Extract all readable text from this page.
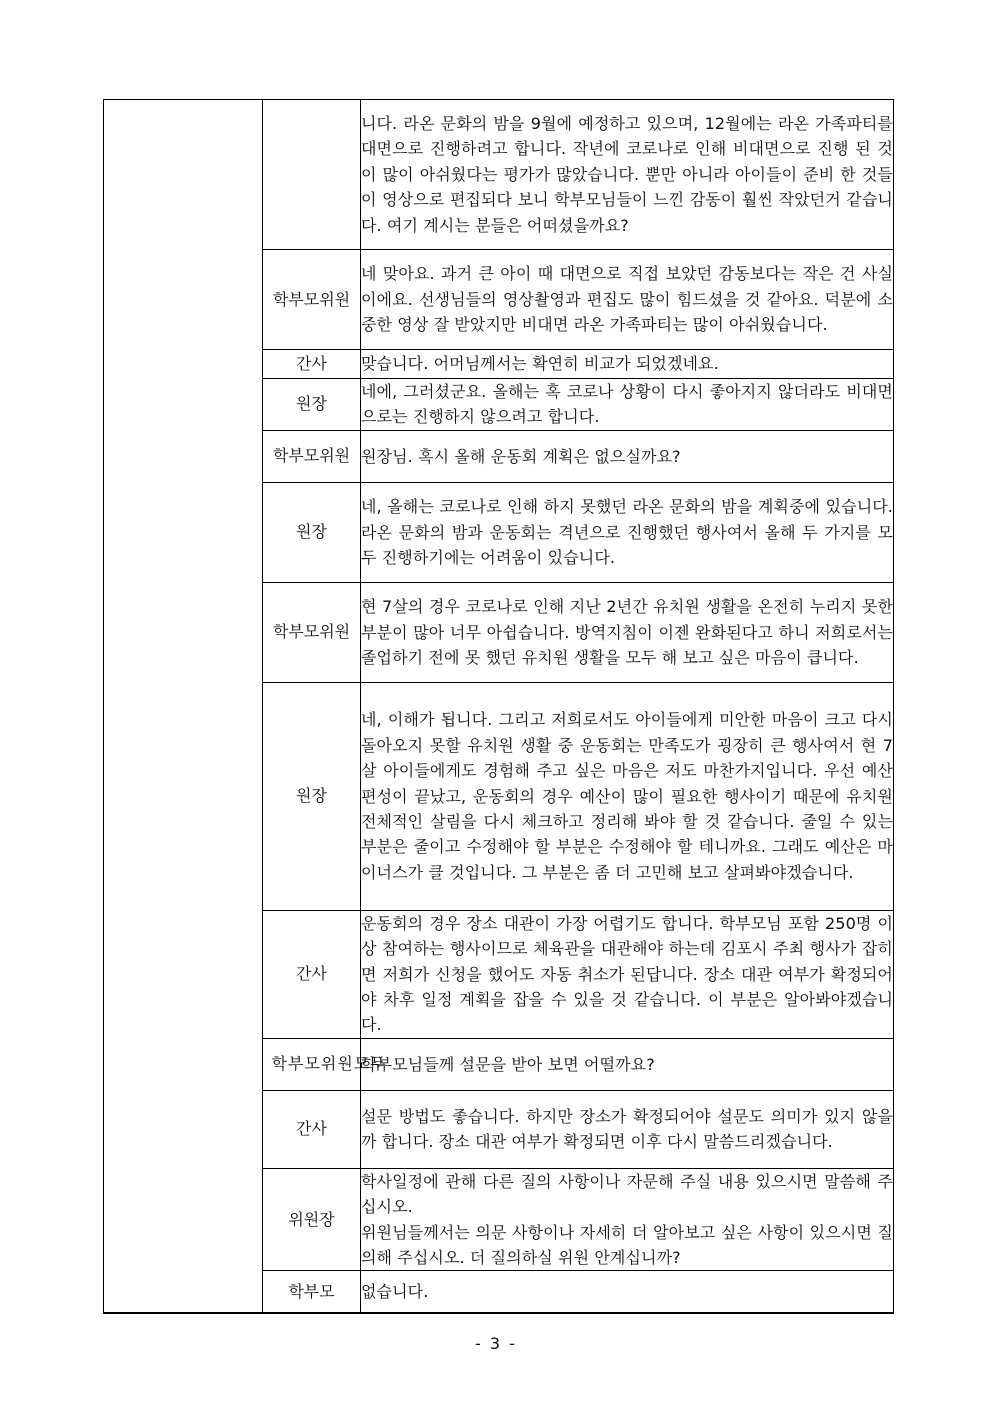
		니다. 라온 문화의 밤을 9월에 예정하고 있으며, 12월에는 라온 가족파티를 대면으로 진행하려고 합니다. 작년에 코로나로 인해 비대면으로 진행 된 것이 많이 아쉬웠다는 평가가 많았습니다. 뿐만 아니라 아이들이 준비 한 것들이 영상으로 편집되다 보니 학부모님들이 느낀 감동이 훨씬 작았던거 같습니다. 여기 계시는 분들은 어떠셨을까요?
	학부모위원	네 맞아요. 과거 큰 아이 때 대면으로 직접 보았던 감동보다는 작은 건 사실이에요. 선생님들의 영상촬영과 편집도 많이 힘드셨을 것 같아요. 덕분에 소중한 영상 잘 받았지만 비대면 라온 가족파티는 많이 아쉬웠습니다.
	간사	맞습니다. 어머님께서는 확연히 비교가 되었겠네요.
	원장	네에, 그러셨군요. 올해는 혹 코로나 상황이 다시 좋아지지 않더라도 비대면으로는 진행하지 않으려고 합니다.
	학부모위원	원장님. 혹시 올해 운동회 계획은 없으실까요?
	원장	네, 올해는 코로나로 인해 하지 못했던 라온 문화의 밤을 계획중에 있습니다. 라온 문화의 밤과 운동회는 격년으로 진행했던 행사여서 올해 두 가지를 모두 진행하기에는 어려움이 있습니다.
	학부모위원	현 7살의 경우 코로나로 인해 지난 2년간 유치원 생활을 온전히 누리지 못한 부분이 많아 너무 아쉽습니다. 방역지침이 이젠 완화된다고 하니 저희로서는 졸업하기 전에 못 했던 유치원 생활을 모두 해 보고 싶은 마음이 큽니다.
	원장	네, 이해가 됩니다. 그리고 저희로서도 아이들에게 미안한 마음이 크고 다시 돌아오지 못할 유치원 생활 중 운동회는 만족도가 굉장히 큰 행사여서 현 7살 아이들에게도 경험해 주고 싶은 마음은 저도 마찬가지입니다. 우선 예산 편성이 끝났고, 운동회의 경우 예산이 많이 필요한 행사이기 때문에 유치원 전체적인 살림을 다시 체크하고 정리해 봐야 할 것 같습니다. 줄일 수 있는 부분은 줄이고 수정해야 할 부분은 수정해야 할 테니까요. 그래도 예산은 마이너스가 클 것입니다. 그 부분은 좀 더 고민해 보고 살펴봐야겠습니다.
	간사	운동회의 경우 장소 대관이 가장 어렵기도 합니다. 학부모님 포함 250명 이상 참여하는 행사이므로 체육관을 대관해야 하는데 김포시 주최 행사가 잡히면 저희가 신청을 했어도 자동 취소가 된답니다. 장소 대관 여부가 확정되어야 차후 일정 계획을 잡을 수 있을 것 같습니다. 이 부분은 알아봐야겠습니다.
	학부모위원모두	학부모님들께 설문을 받아 보면 어떨까요?
	간사	설문 방법도 좋습니다. 하지만 장소가 확정되어야 설문도 의미가 있지 않을까 합니다. 장소 대관 여부가 확정되면 이후 다시 말씀드리겠습니다.
	위원장	학사일정에 관해 다른 질의 사항이나 자문해 주실 내용 있으시면 말씀해 주십시오.
위원님들께서는 의문 사항이나 자세히 더 알아보고 싶은 사항이 있으시면 질의해 주십시오. 더 질의하실 위원 안계십니까?
	학부모	없습니다.
- 3 -
